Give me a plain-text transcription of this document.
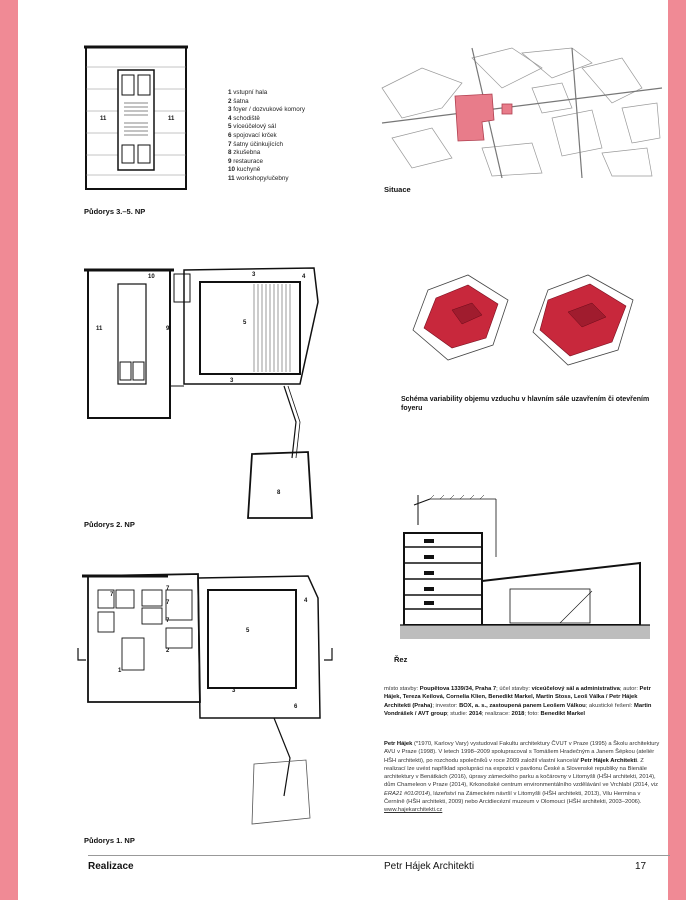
11	11
Půdorys 3.–5. NP
1 vstupní hala
2 šatna
3 foyer / dozvukové komory
4 schodiště
5 víceúčelový sál
6 spojovací krček
7 šatny účinkujících
8 zkušebna
9 restaurace
10 kuchyně
11 workshopy/učebny
Situace
11	9
10
5
3
3
4
8
Půdorys 2. NP
Schéma variability objemu vzduchu v hlavním sále uzavřením či otevřením foyeru
Řez
1
7
7
7
7
2
5
3
4
6
Půdorys 1. NP
místo stavby: Poupětova 1339/34, Praha 7; účel stavby: víceúčelový sál a administrativa; autor: Petr Hájek, Tereza Keilová, Cornelia Klien, Benedikt Markel, Martin Stoss, Leoš Válka / Petr Hájek Architekti (Praha); investor: BOX, a. s., zastoupená panem Leošem Válkou; akustické řešení: Martin Vondrášek / AVT group; studie: 2014; realizace: 2018; foto: Benedikt Markel
Petr Hájek (*1970, Karlovy Vary) vystudoval Fakultu architektury ČVUT v Praze (1995) a Školu architektury AVU v Praze (1998). V letech 1998–2009 spolupracoval s Tomášem Hradečným a Janem Šépkou (ateliér HŠH architekti), po rozchodu společníků v roce 2009 založil vlastní kancelář Petr Hájek Architekti. Z realizací lze uvést například spolupráci na expozici v pavilonu České a Slovenské republiky na Bienále architektury v Benátkách (2016), úpravy zámeckého parku a kočárovny v Litomyšli (HŠH architekti, 2014), dům Chameleon v Praze (2014), Krkonošské centrum environmentálního vzdělávání ve Vrchlabí (2014, viz ERA21 #01/2014), lázeňství na Zámeckém návrší v Litomyšli (HŠH architekti, 2013), Vilu Hermína v Černíně (HŠH architekti, 2009) nebo Arcidiecézní muzeum v Olomouci (HŠH architekti, 2003–2006). www.hajekarchitekti.cz
Realizace	Petr Hájek Architekti	17
